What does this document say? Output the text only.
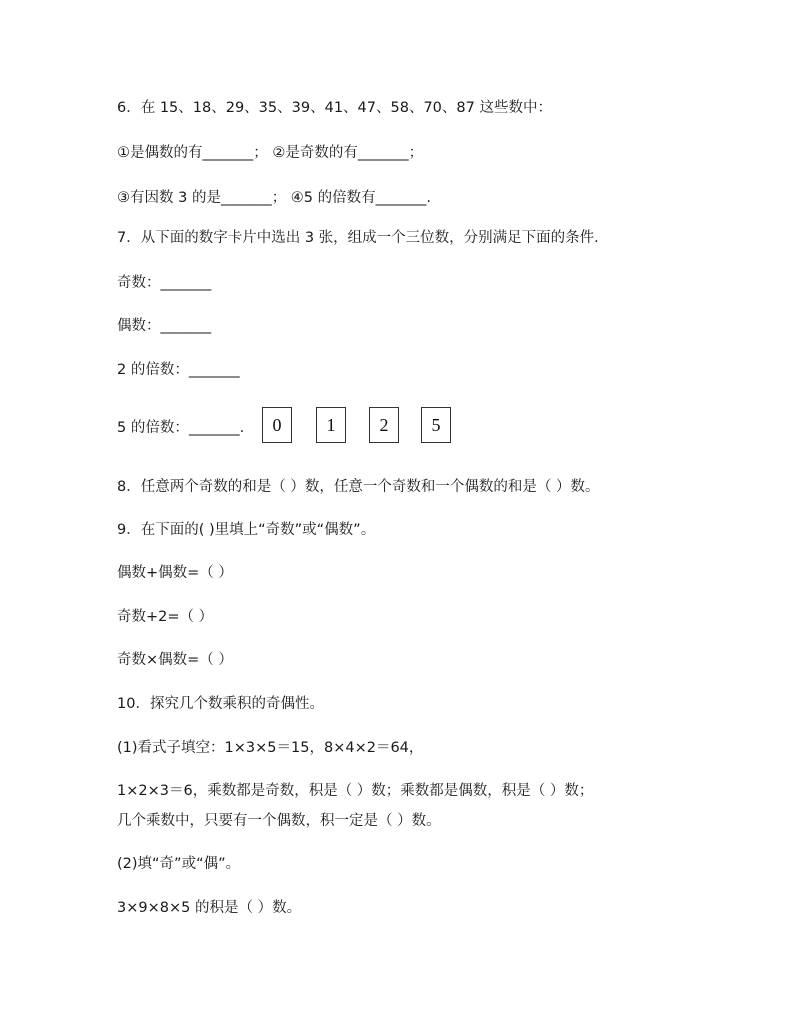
6．在 15、18、29、35、39、41、47、58、70、87 这些数中：
①是偶数的有_______； ②是奇数的有_______；
③有因数 3 的是_______； ④5 的倍数有_______.
7．从下面的数字卡片中选出 3 张，组成一个三位数，分别满足下面的条件.
奇数：_______
偶数：_______
2 的倍数：_______
5 的倍数：_______.	0	1	2	5
8．任意两个奇数的和是（ ）数，任意一个奇数和一个偶数的和是（ ）数。
9．在下面的( )里填上“奇数”或“偶数”。
偶数+偶数=（ ）
奇数+2=（ ）
奇数×偶数=（ ）
10．探究几个数乘积的奇偶性。
(1)看式子填空：1×3×5＝15，8×4×2＝64，
1×2×3＝6，乘数都是奇数，积是（ ）数；乘数都是偶数，积是（ ）数；
几个乘数中，只要有一个偶数，积一定是（ ）数。
(2)填“奇”或“偶”。
3×9×8×5 的积是（ ）数。
